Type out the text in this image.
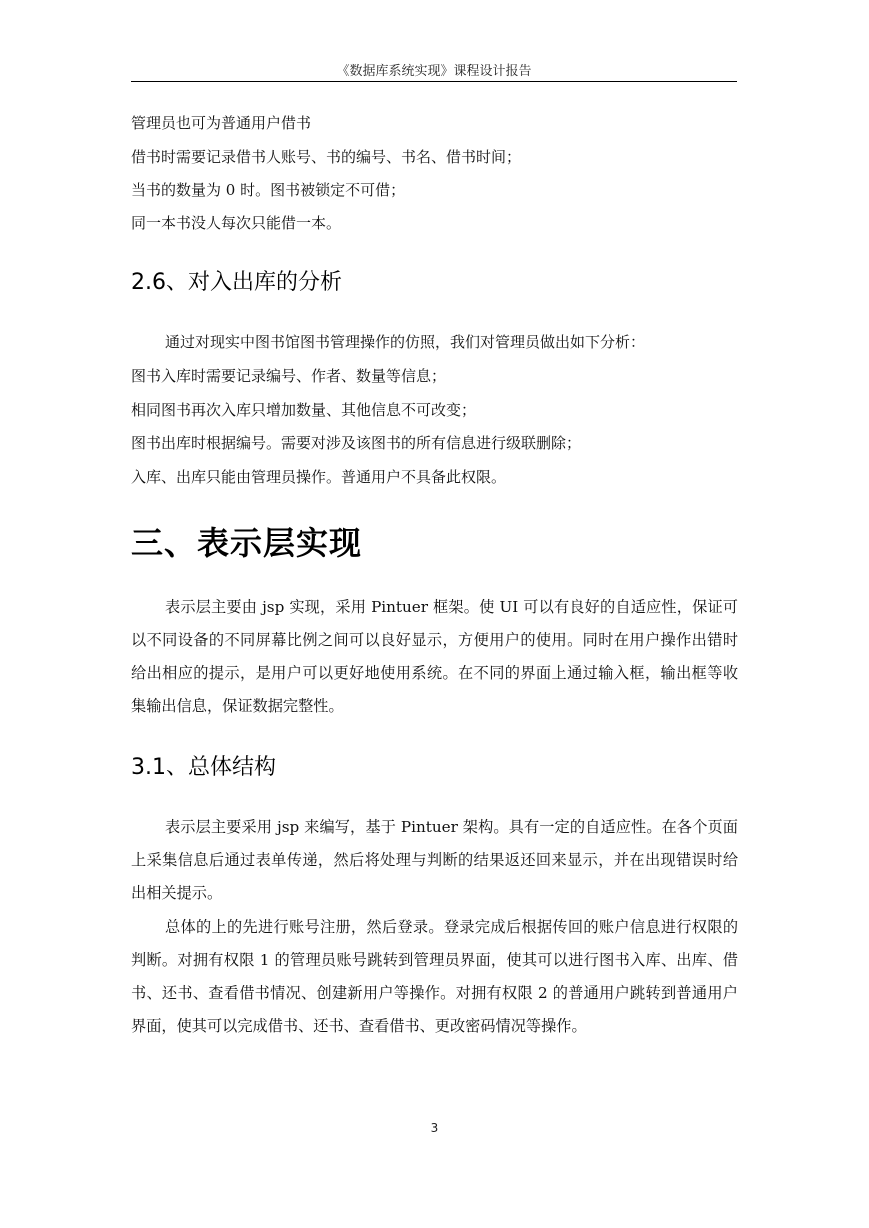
《数据库系统实现》课程设计报告
管理员也可为普通用户借书
借书时需要记录借书人账号、书的编号、书名、借书时间；
当书的数量为 0 时。图书被锁定不可借；
同一本书没人每次只能借一本。
2.6、对入出库的分析
通过对现实中图书馆图书管理操作的仿照，我们对管理员做出如下分析：
图书入库时需要记录编号、作者、数量等信息；
相同图书再次入库只增加数量、其他信息不可改变；
图书出库时根据编号。需要对涉及该图书的所有信息进行级联删除；
入库、出库只能由管理员操作。普通用户不具备此权限。
三、表示层实现
表示层主要由 jsp 实现，采用 Pintuer 框架。使 UI 可以有良好的自适应性，保证可以不同设备的不同屏幕比例之间可以良好显示，方便用户的使用。同时在用户操作出错时给出相应的提示，是用户可以更好地使用系统。在不同的界面上通过输入框，输出框等收集输出信息，保证数据完整性。
3.1、总体结构
表示层主要采用 jsp 来编写，基于 Pintuer 架构。具有一定的自适应性。在各个页面上采集信息后通过表单传递，然后将处理与判断的结果返还回来显示，并在出现错误时给出相关提示。
总体的上的先进行账号注册，然后登录。登录完成后根据传回的账户信息进行权限的判断。对拥有权限 1 的管理员账号跳转到管理员界面，使其可以进行图书入库、出库、借书、还书、查看借书情况、创建新用户等操作。对拥有权限 2 的普通用户跳转到普通用户界面，使其可以完成借书、还书、查看借书、更改密码情况等操作。
3
